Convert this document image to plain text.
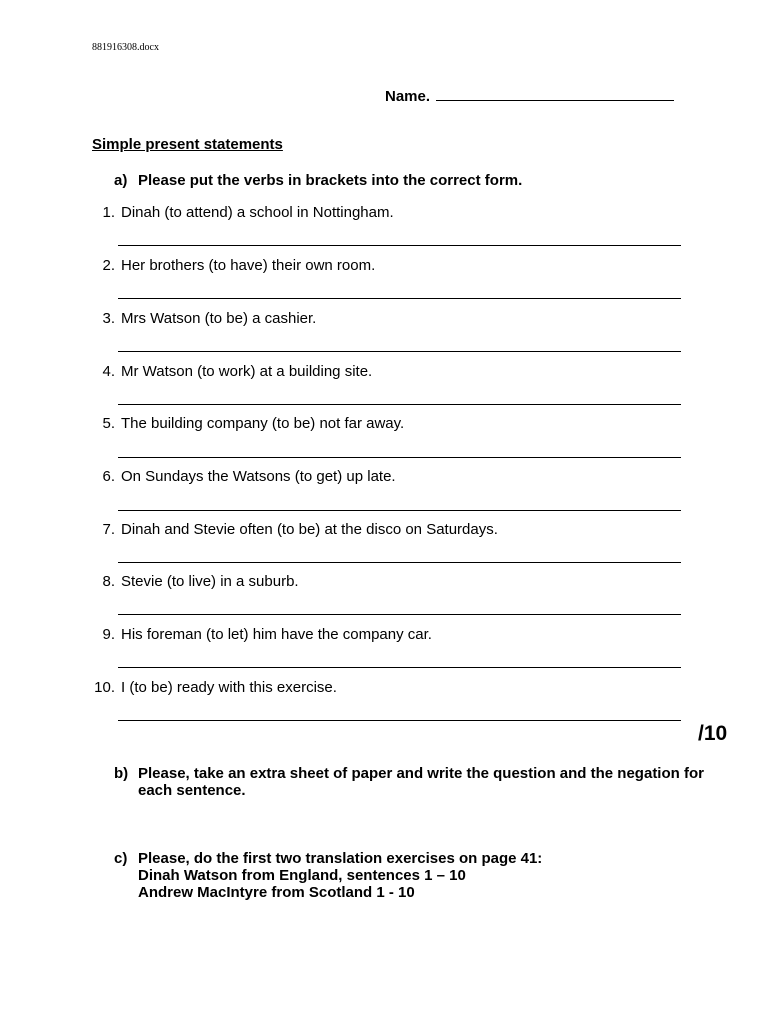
881916308.docx
Name.
Simple present statements
a) Please put the verbs in brackets into the correct form.
1. Dinah (to attend) a school in Nottingham.
2. Her brothers (to have) their own room.
3. Mrs Watson (to be) a cashier.
4. Mr Watson (to work) at a building site.
5. The building company (to be) not far away.
6. On Sundays the Watsons (to get) up late.
7. Dinah and Stevie often (to be) at the disco on Saturdays.
8. Stevie (to live) in a suburb.
9. His foreman (to let) him have the company car.
10. I (to be) ready with this exercise.
/10
b) Please, take an extra sheet of paper and write the question and the negation for each sentence.
c) Please, do the first two translation exercises on page 41:
Dinah Watson from England, sentences 1 – 10
Andrew MacIntyre from Scotland 1 - 10
